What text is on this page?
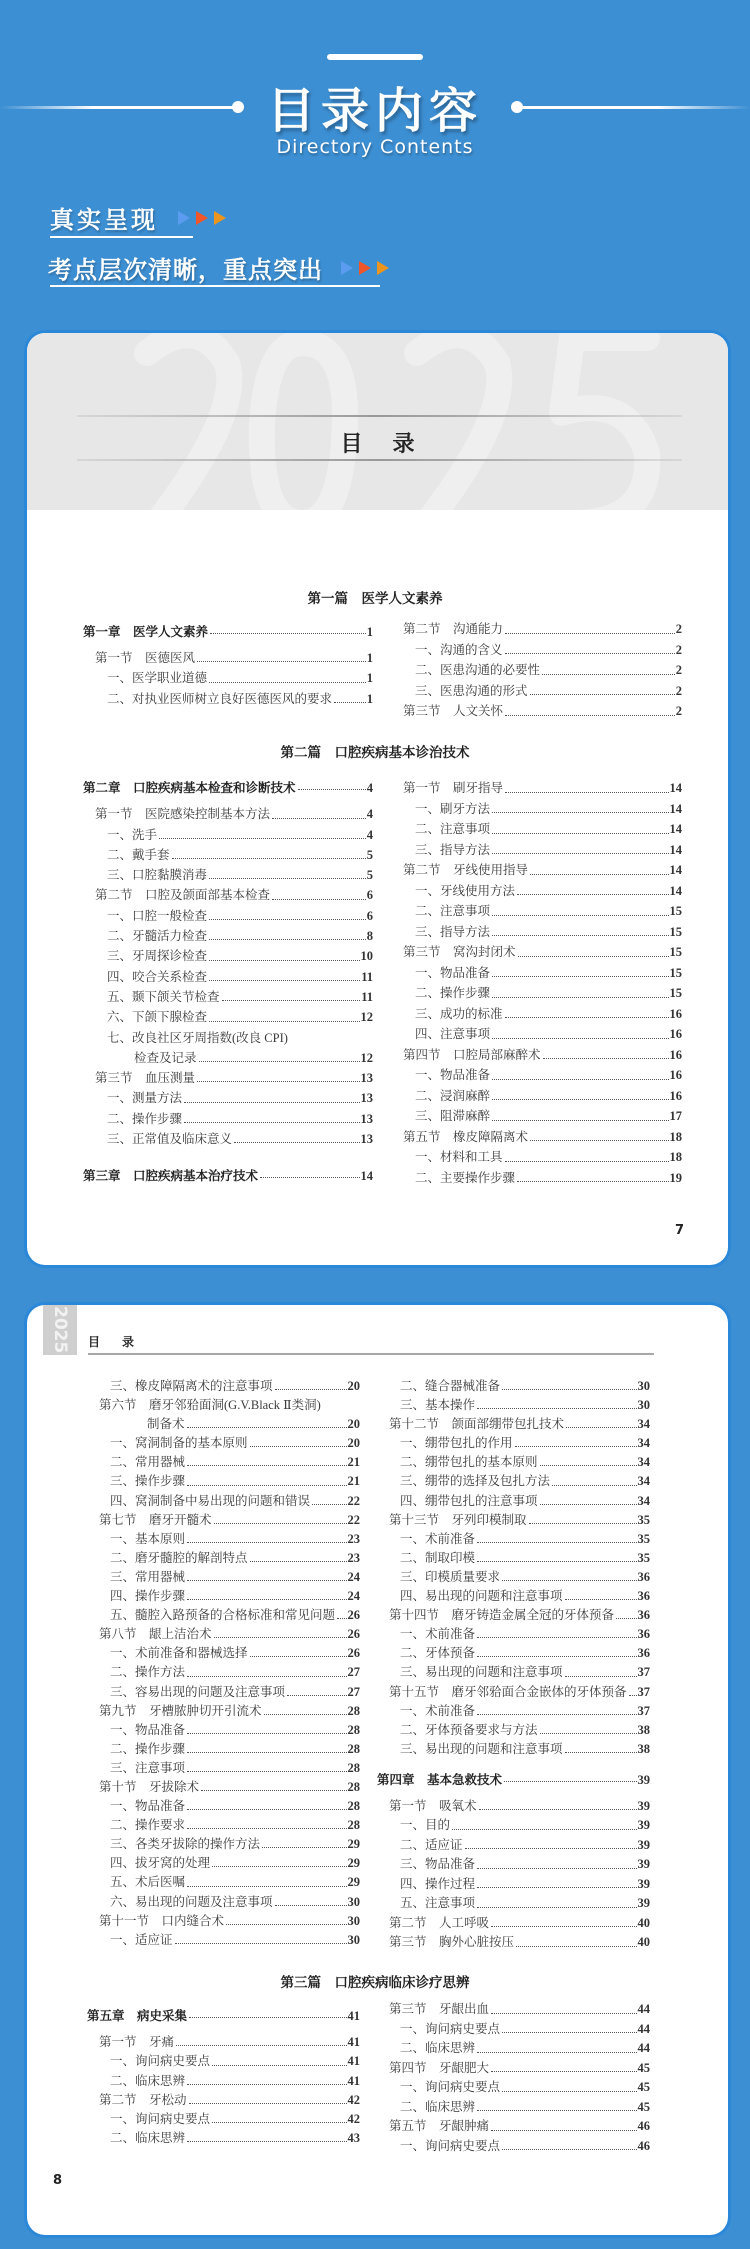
目录内容
Directory Contents
真实呈现
考点层次清晰，重点突出
目录
7
2025	目录
8
第一篇　医学人文素养
第二篇　口腔疾病基本诊治技术
第三篇　口腔疾病临床诊疗思辨
第一章　医学人文素养	1
第一节　医德医风	1
一、医学职业道德	1
二、对执业医师树立良好医德医风的要求	1
第二节　沟通能力	2
一、沟通的含义	2
二、医患沟通的必要性	2
三、医患沟通的形式	2
第三节　人文关怀	2
第二章　口腔疾病基本检查和诊断技术	4
第一节　医院感染控制基本方法	4
一、洗手	4
二、戴手套	5
三、口腔黏膜消毒	5
第二节　口腔及颌面部基本检查	6
一、口腔一般检查	6
二、牙髓活力检查	8
三、牙周探诊检查	10
四、咬合关系检查	11
五、颞下颌关节检查	11
六、下颌下腺检查	12
七、改良社区牙周指数(改良 CPI)
检查及记录	12
第三节　血压测量	13
一、测量方法	13
二、操作步骤	13
三、正常值及临床意义	13
第三章　口腔疾病基本治疗技术	14
第一节　刷牙指导	14
一、刷牙方法	14
二、注意事项	14
三、指导方法	14
第二节　牙线使用指导	14
一、牙线使用方法	14
二、注意事项	15
三、指导方法	15
第三节　窝沟封闭术	15
一、物品准备	15
二、操作步骤	15
三、成功的标准	16
四、注意事项	16
第四节　口腔局部麻醉术	16
一、物品准备	16
二、浸润麻醉	16
三、阻滞麻醉	17
第五节　橡皮障隔离术	18
一、材料和工具	18
二、主要操作步骤	19
三、橡皮障隔离术的注意事项	20
第六节　磨牙邻𬌗面洞(G.V.Black Ⅱ类洞)
制备术	20
一、窝洞制备的基本原则	20
二、常用器械	21
三、操作步骤	21
四、窝洞制备中易出现的问题和错误	22
第七节　磨牙开髓术	22
一、基本原则	23
二、磨牙髓腔的解剖特点	23
三、常用器械	24
四、操作步骤	24
五、髓腔入路预备的合格标准和常见问题 26
第八节　龈上洁治术	26
一、术前准备和器械选择	26
二、操作方法	27
三、容易出现的问题及注意事项	27
第九节　牙槽脓肿切开引流术	28
一、物品准备	28
二、操作步骤	28
三、注意事项	28
第十节　牙拔除术	28
一、物品准备	28
二、操作要求	28
三、各类牙拔除的操作方法	29
四、拔牙窝的处理	29
五、术后医嘱	29
六、易出现的问题及注意事项	30
第十一节　口内缝合术	30
一、适应证	30
二、缝合器械准备	30
三、基本操作	30
第十二节　颌面部绷带包扎技术	34
一、绷带包扎的作用	34
二、绷带包扎的基本原则	34
三、绷带的选择及包扎方法	34
四、绷带包扎的注意事项	34
第十三节　牙列印模制取	35
一、术前准备	35
二、制取印模	35
三、印模质量要求	36
四、易出现的问题和注意事项	36
第十四节　磨牙铸造金属全冠的牙体预备 36
一、术前准备	36
二、牙体预备	36
三、易出现的问题和注意事项	37
第十五节　磨牙邻𬌗面合金嵌体的牙体预备 37
一、术前准备	37
二、牙体预备要求与方法	38
三、易出现的问题和注意事项	38
第四章　基本急救技术	39
第一节　吸氧术	39
一、目的	39
二、适应证	39
三、物品准备	39
四、操作过程	39
五、注意事项	39
第二节　人工呼吸	40
第三节　胸外心脏按压	40
第五章　病史采集	41
第一节　牙痛	41
一、询问病史要点	41
二、临床思辨	41
第二节　牙松动	42
一、询问病史要点	42
二、临床思辨	43
第三节　牙龈出血	44
一、询问病史要点	44
二、临床思辨	44
第四节　牙龈肥大	45
一、询问病史要点	45
二、临床思辨	45
第五节　牙龈肿痛	46
一、询问病史要点	46
